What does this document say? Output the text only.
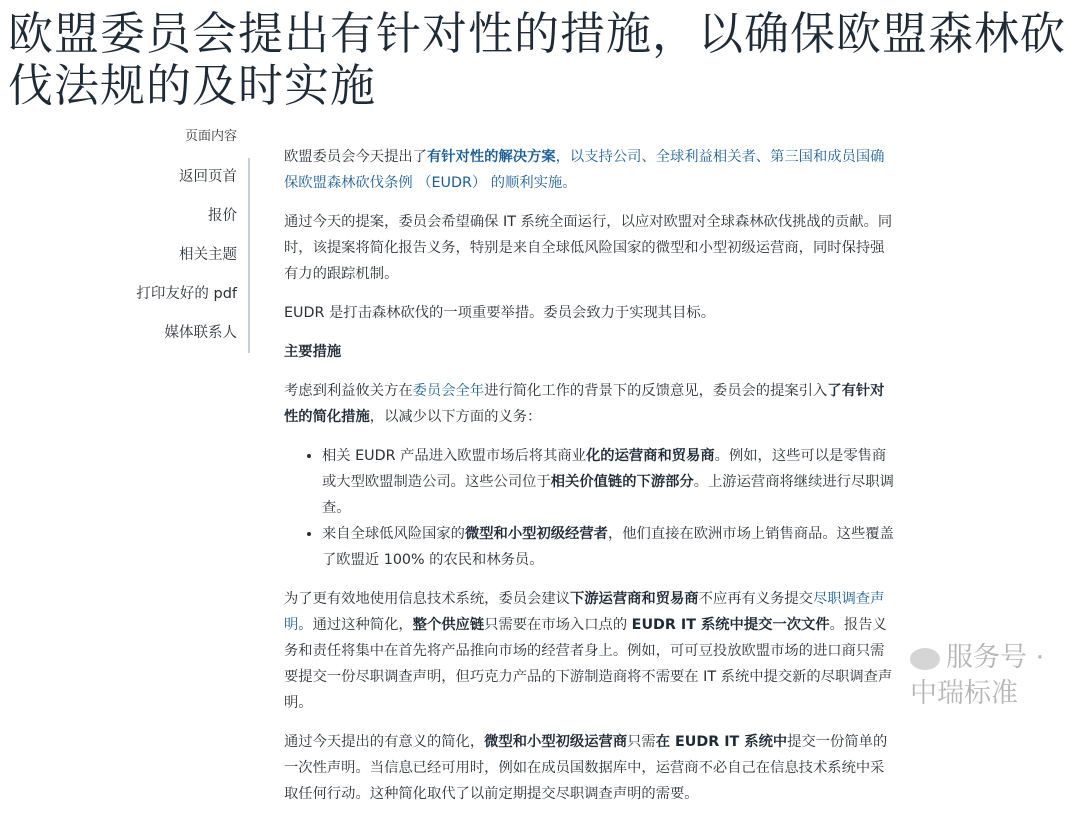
欧盟委员会提出有针对性的措施，以确保欧盟森林砍伐法规的及时实施
页面内容
返回页首
报价
相关主题
打印友好的 pdf
媒体联系人

欧盟委员会今天提出了有针对性的解决方案，以支持公司、全球利益相关者、第三国和成员国确保欧盟森林砍伐条例 （EUDR） 的顺利实施。

通过今天的提案，委员会希望确保 IT 系统全面运行，以应对欧盟对全球森林砍伐挑战的贡献。同时，该提案将简化报告义务，特别是来自全球低风险国家的微型和小型初级运营商，同时保持强有力的跟踪机制。

EUDR 是打击森林砍伐的一项重要举措。委员会致力于实现其目标。

主要措施

考虑到利益攸关方在委员会全年进行简化工作的背景下的反馈意见，委员会的提案引入了有针对性的简化措施，以减少以下方面的义务：

• 相关 EUDR 产品进入欧盟市场后将其商业化的运营商和贸易商。例如，这些可以是零售商或大型欧盟制造公司。这些公司位于相关价值链的下游部分。上游运营商将继续进行尽职调查。
• 来自全球低风险国家的微型和小型初级经营者，他们直接在欧洲市场上销售商品。这些覆盖了欧盟近 100% 的农民和林务员。

为了更有效地使用信息技术系统，委员会建议下游运营商和贸易商不应再有义务提交尽职调查声明。通过这种简化，整个供应链只需要在市场入口点的 EUDR IT 系统中提交一次文件。报告义务和责任将集中在首先将产品推向市场的经营者身上。例如，可可豆投放欧盟市场的进口商只需要提交一份尽职调查声明，但巧克力产品的下游制造商将不需要在 IT 系统中提交新的尽职调查声明。

通过今天提出的有意义的简化，微型和小型初级运营商只需在 EUDR IT 系统中提交一份简单的一次性声明。当信息已经可用时，例如在成员国数据库中，运营商不必自己在信息技术系统中采取任何行动。这种简化取代了以前定期提交尽职调查声明的需要。

服务号 · 中瑞标准
